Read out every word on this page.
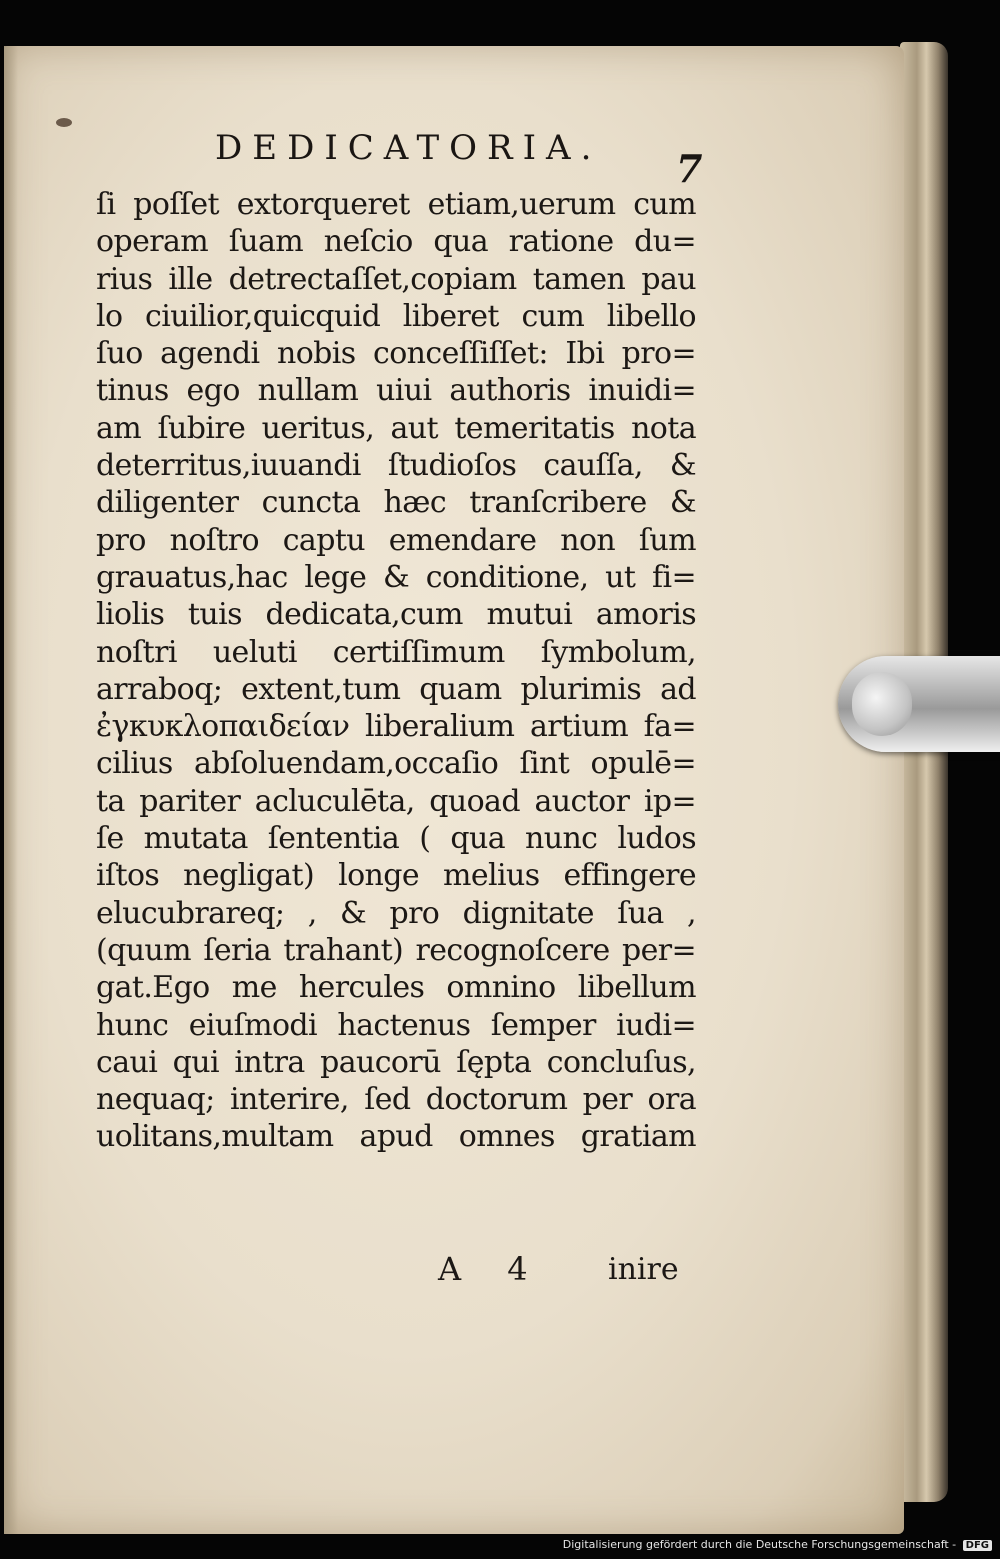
DEDICATORIA. 7
ſi poſſet extorqueret etiam,uerum cum
operam ſuam neſcio qua ratione du=
rius ille detrectaſſet,copiam tamen pau
lo ciuilior,quicquid liberet cum libello
ſuo agendi nobis conceſſiſſet: Ibi pro=
tinus ego nullam uiui authoris inuidi=
am ſubire ueritus, aut temeritatis nota
deterritus,iuuandi ſtudioſos cauſſa, &
diligenter cuncta hæc tranſcribere &
pro noſtro captu emendare non ſum
grauatus,hac lege & conditione, ut fi=
liolis tuis dedicata,cum mutui amoris
noſtri ueluti certiſſimum ſymbolum,
arraboq; extent,tum quam plurimis ad
ἐγκυκλοπαιδείαν liberalium artium fa=
cilius abſoluendam,occaſio ſint opulē=
ta pariter acluculēta, quoad auctor ip=
ſe mutata ſententia ( qua nunc ludos
iſtos negligat) longe melius effingere
elucubrareq; , & pro dignitate ſua ,
(quum ſeria trahant) recognoſcere per=
gat.Ego me hercules omnino libellum
hunc eiuſmodi hactenus ſemper iudi=
caui qui intra paucorū ſępta concluſus,
nequaq; interire, ſed doctorum per ora
uolitans,multam apud omnes gratiam
A 4 inire
Digitalisierung gefördert durch die Deutsche Forschungsgemeinschaft - DFG
